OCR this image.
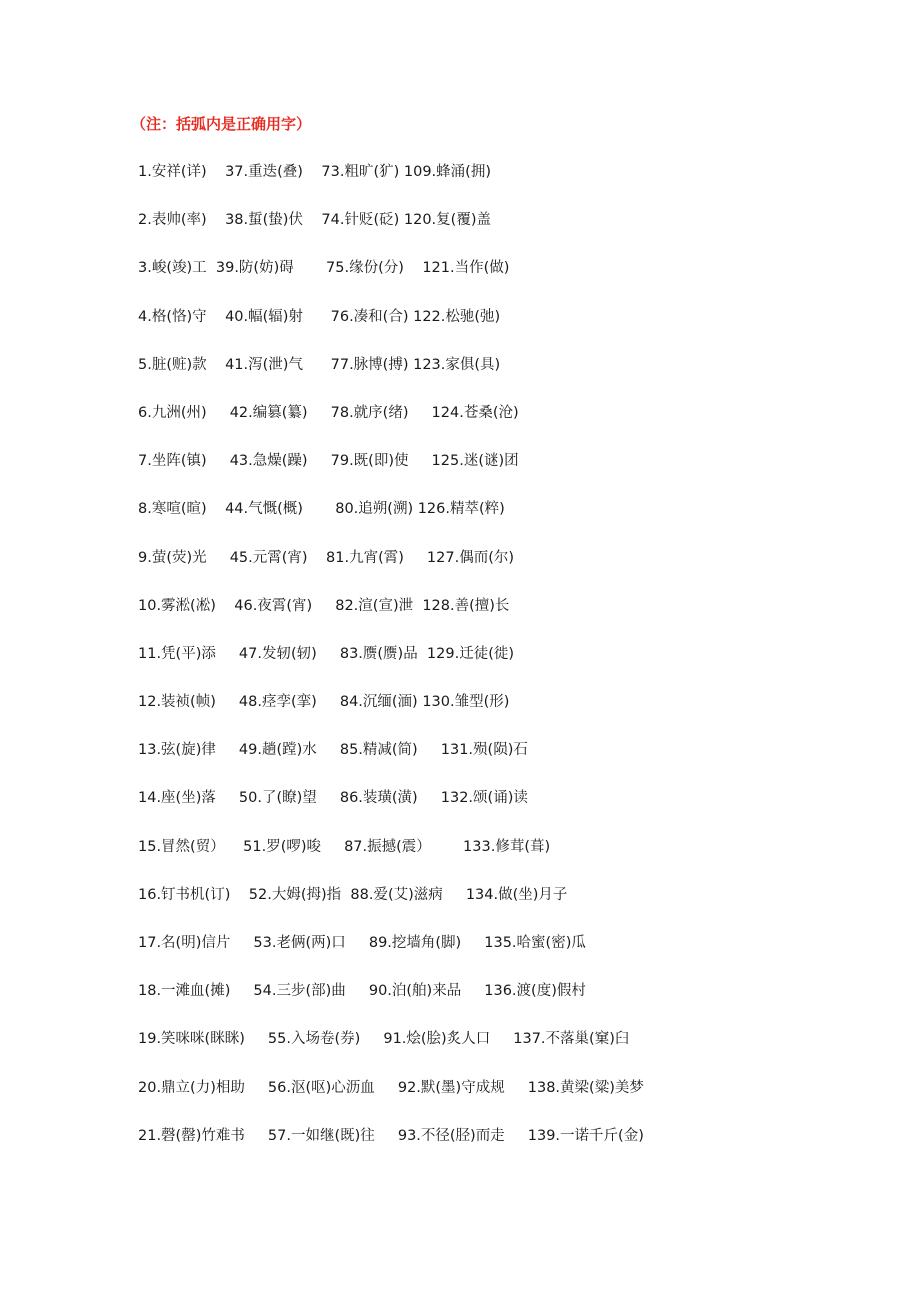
（注：括弧内是正确用字）
1.安祥(详)    37.重迭(叠)    73.粗旷(犷) 109.蜂涌(拥)
2.表帅(率)    38.蜇(蛰)伏    74.针贬(砭) 120.复(覆)盖
3.峻(竣)工  39.防(妨)碍       75.缘份(分)    121.当作(做)
4.格(恪)守    40.幅(辐)射      76.凑和(合) 122.松驰(弛)
5.脏(赃)款    41.泻(泄)气      77.脉博(搏) 123.家俱(具)
6.九洲(州)     42.编篡(纂)     78.就序(绪)     124.苍桑(沧)
7.坐阵(镇)     43.急燥(躁)     79.既(即)使     125.迷(谜)团
8.寒喧(暄)    44.气慨(概)       80.追朔(溯) 126.精萃(粹)
9.萤(荧)光     45.元霄(宵)    81.九宵(霄)     127.偶而(尔)
10.雾淞(凇)    46.夜霄(宵)     82.渲(宣)泄  128.善(擅)长
11.凭(平)添     47.发轫(轫)     83.赝(赝)品  129.迁徒(徙)
12.装祯(帧)     48.痉孪(挛)     84.沉缅(湎) 130.雏型(形)
13.弦(旋)律     49.趟(蹚)水     85.精减(简)     131.殒(陨)石
14.座(坐)落     50.了(瞭)望     86.装璜(潢)     132.颂(诵)读
15.冒然(贸）    51.罗(啰)唆     87.振撼(震）       133.修茸(葺)
16.钉书机(订)    52.大姆(拇)指  88.爱(艾)滋病     134.做(坐)月子
17.名(明)信片     53.老俩(两)口     89.挖墙角(脚)     135.哈蜜(密)瓜
18.一滩血(摊)     54.三步(部)曲     90.泊(舶)来品     136.渡(度)假村
19.笑咪咪(眯眯)     55.入场卷(券)     91.烩(脍)炙人口     137.不落巢(窠)臼
20.鼎立(力)相助     56.沤(呕)心沥血     92.默(墨)守成规     138.黄梁(粱)美梦
21.磬(罄)竹难书     57.一如继(既)往     93.不径(胫)而走     139.一诺千斤(金)
